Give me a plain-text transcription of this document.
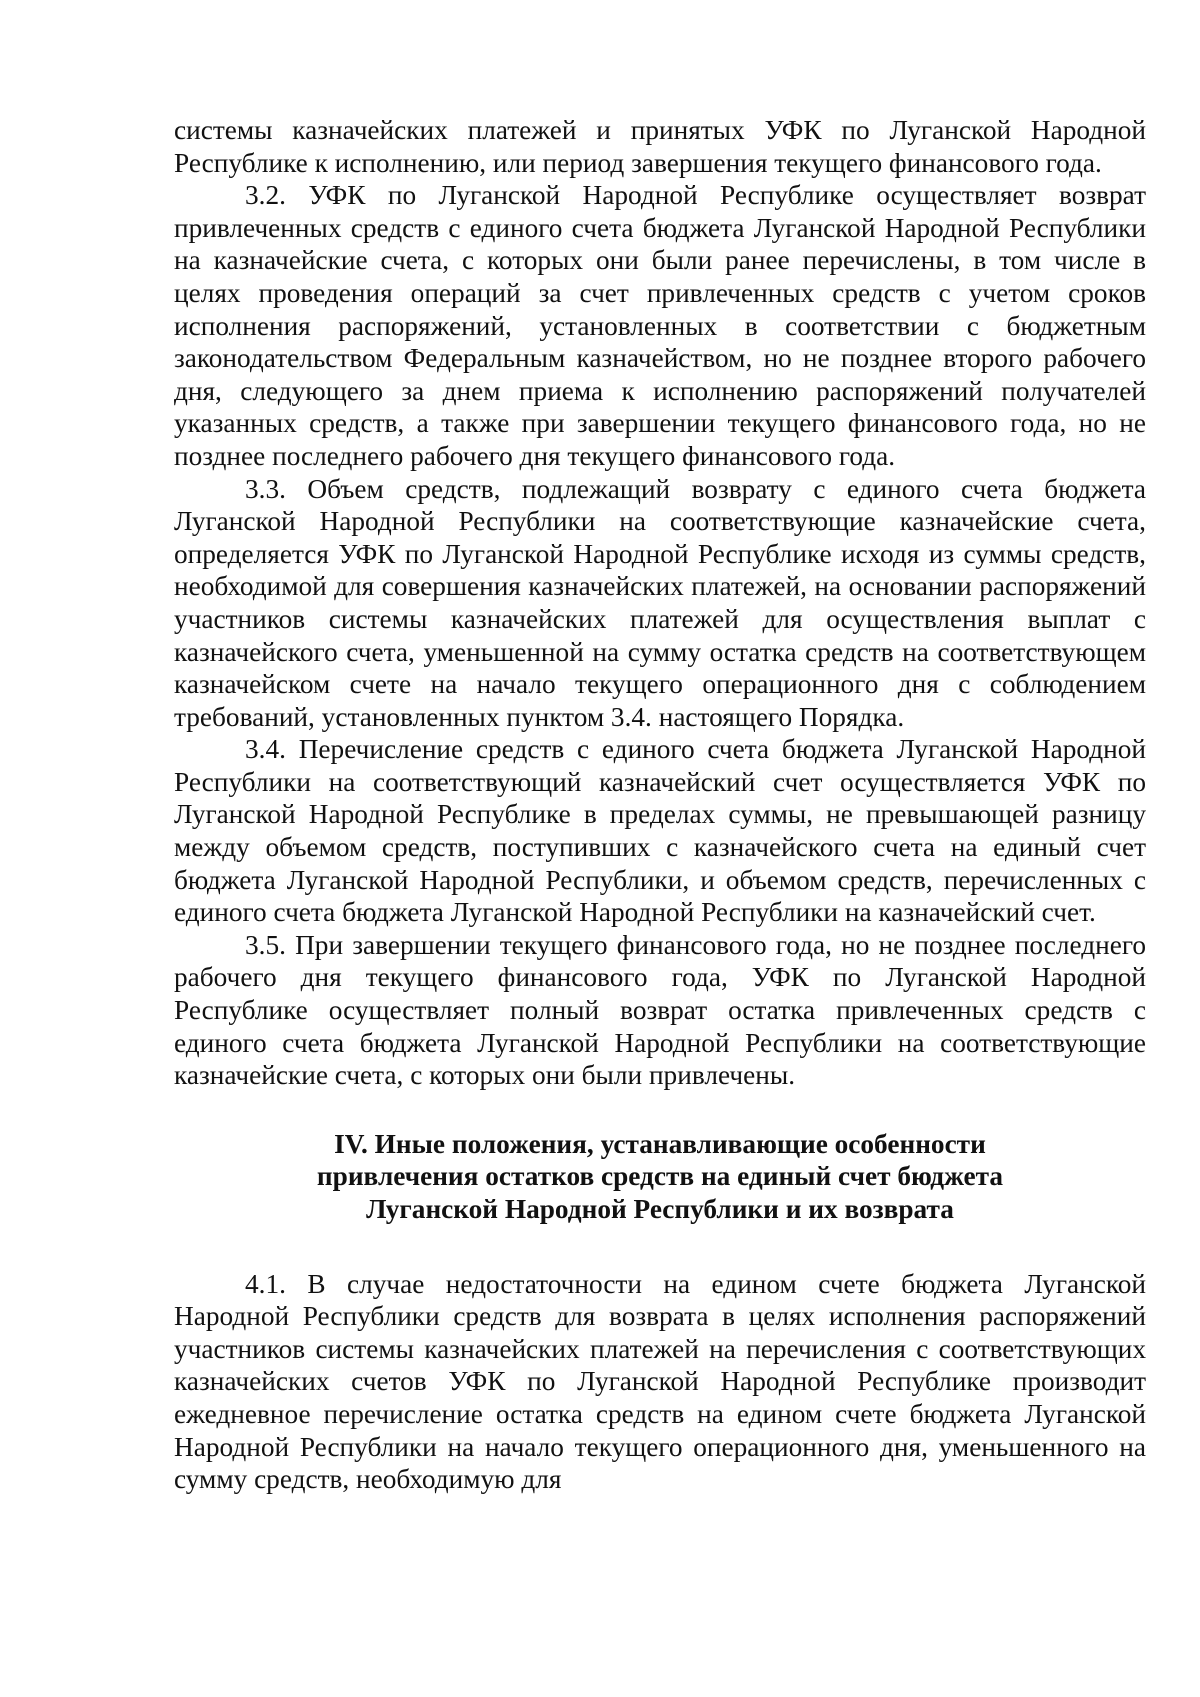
системы казначейских платежей и принятых УФК по Луганской Народной Республике к исполнению, или период завершения текущего финансового года.

3.2. УФК по Луганской Народной Республике осуществляет возврат привлеченных средств с единого счета бюджета Луганской Народной Республики на казначейские счета, с которых они были ранее перечислены, в том числе в целях проведения операций за счет привлеченных средств с учетом сроков исполнения распоряжений, установленных в соответствии с бюджетным законодательством Федеральным казначейством, но не позднее второго рабочего дня, следующего за днем приема к исполнению распоряжений получателей указанных средств, а также при завершении текущего финансового года, но не позднее последнего рабочего дня текущего финансового года.

3.3. Объем средств, подлежащий возврату с единого счета бюджета Луганской Народной Республики на соответствующие казначейские счета, определяется УФК по Луганской Народной Республике исходя из суммы средств, необходимой для совершения казначейских платежей, на основании распоряжений участников системы казначейских платежей для осуществления выплат с казначейского счета, уменьшенной на сумму остатка средств на соответствующем казначейском счете на начало текущего операционного дня с соблюдением требований, установленных пунктом 3.4. настоящего Порядка.

3.4. Перечисление средств с единого счета бюджета Луганской Народной Республики на соответствующий казначейский счет осуществляется УФК по Луганской Народной Республике в пределах суммы, не превышающей разницу между объемом средств, поступивших с казначейского счета на единый счет бюджета Луганской Народной Республики, и объемом средств, перечисленных с единого счета бюджета Луганской Народной Республики на казначейский счет.

3.5. При завершении текущего финансового года, но не позднее последнего рабочего дня текущего финансового года, УФК по Луганской Народной Республике осуществляет полный возврат остатка привлеченных средств с единого счета бюджета Луганской Народной Республики на соответствующие казначейские счета, с которых они были привлечены.

IV. Иные положения, устанавливающие особенности
привлечения остатков средств на единый счет бюджета
Луганской Народной Республики и их возврата

4.1. В случае недостаточности на едином счете бюджета Луганской Народной Республики средств для возврата в целях исполнения распоряжений участников системы казначейских платежей на перечисления с соответствующих казначейских счетов УФК по Луганской Народной Республике производит ежедневное перечисление остатка средств на едином счете бюджета Луганской Народной Республики на начало текущего операционного дня, уменьшенного на сумму средств, необходимую для
